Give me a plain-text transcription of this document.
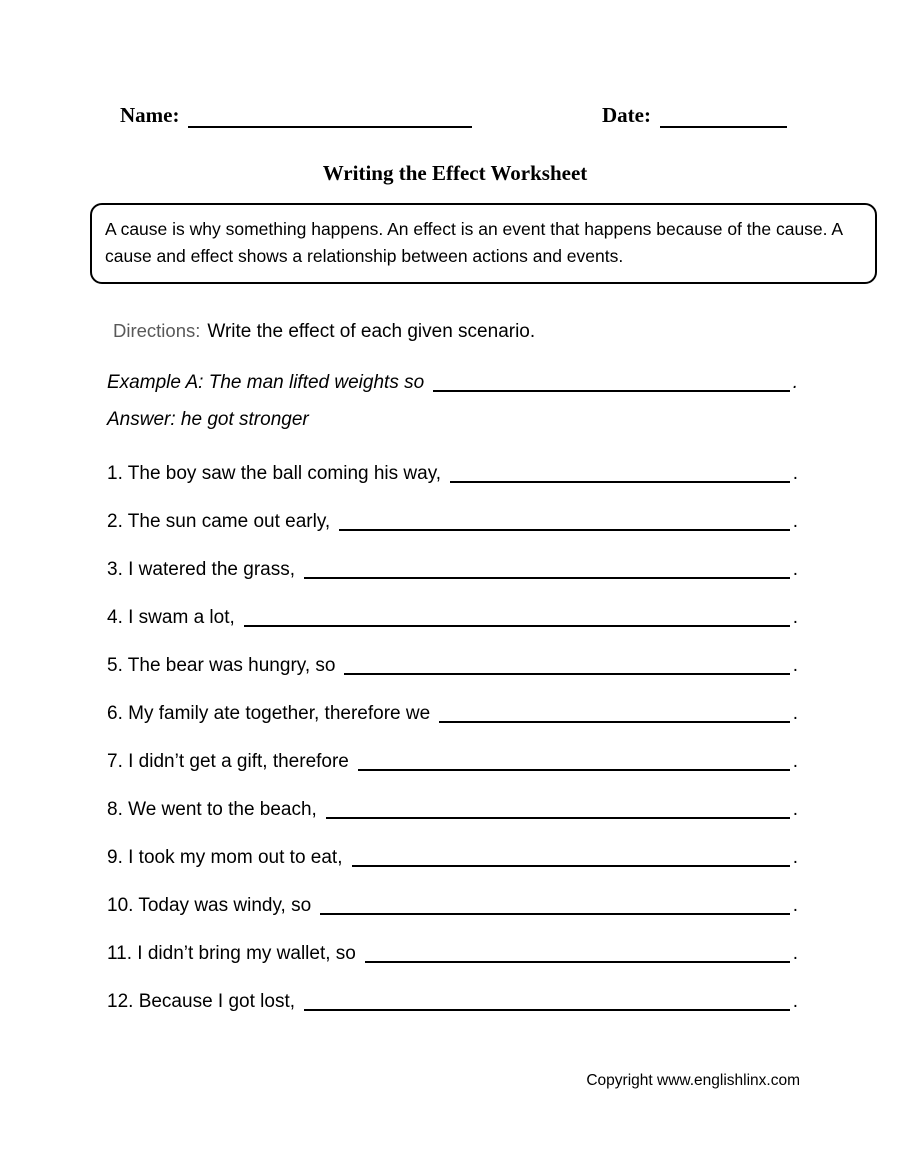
Name:	Date:
Writing the Effect Worksheet
A cause is why something happens. An effect is an event that happens because of the cause. A cause and effect shows a relationship between actions and events.
Directions: Write the effect of each given scenario.
Example A: The man lifted weights so	.
Answer: he got stronger
1. The boy saw the ball coming his way,	.
2. The sun came out early,	.
3. I watered the grass,	.
4. I swam a lot,	.
5. The bear was hungry, so	.
6. My family ate together, therefore we	.
7. I didn’t get a gift, therefore	.
8. We went to the beach,	.
9. I took my mom out to eat,	.
10. Today was windy, so	.
11. I didn’t bring my wallet, so	.
12. Because I got lost,	.
Copyright www.englishlinx.com
